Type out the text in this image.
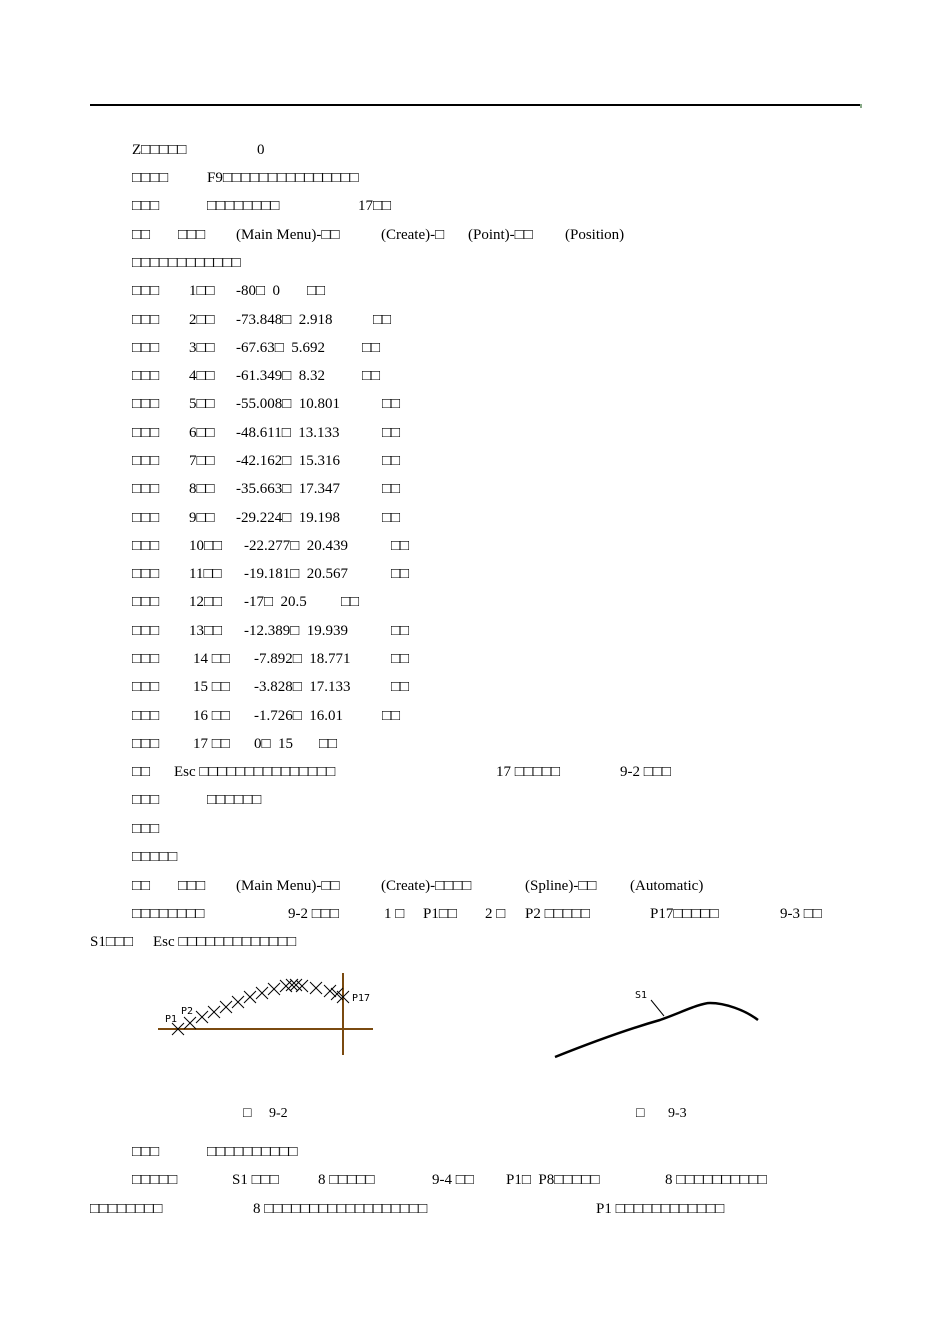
Z□□□□□	0
□□□□	F9□□□□□□□□□□□□□□□
□□□	□□□□□□□□	17□□
□□ □□□ (Main Menu)-□□	(Create)-□ (Point)-□□ (Position)
□□□□□□□□□□□□
□□□ 1□□ -80□  0 □□
□□□ 2□□ -73.848□  2.918	□□
□□□ 3□□ -67.63□  5.692 □□
□□□ 4□□ -61.349□  8.32 □□
□□□ 5□□ -55.008□  10.801	□□
□□□ 6□□ -48.611□  13.133	□□
□□□ 7□□ -42.162□  15.316	□□
□□□ 8□□ -35.663□  17.347	□□
□□□ 9□□ -29.224□  19.198	□□
□□□ 10□□ -22.277□  20.439	□□
□□□ 11□□ -19.181□  20.567	□□
□□□ 12□□ -17□  20.5 □□
□□□ 13□□ -12.389□  19.939	□□
□□□ 14 □□ -7.892□  18.771	□□
□□□ 15 □□ -3.828□  17.133	□□
□□□ 16 □□ -1.726□  16.01	□□
□□□ 17 □□ 0□  15 □□
□□ Esc □□□□□□□□□□□□□□□	17 □□□□□	9-2 □□□
□□□	□□□□□□
□□□
□□□□□
□□ □□□ (Main Menu)-□□	(Create)-□□□□	(Spline)-□□ (Automatic)
□□□□□□□□	9-2 □□□	1 □ P1□□ 2 □ P2 □□□□□	P17□□□□□	9-3 □□
S1□□□ Esc □□□□□□□□□□□□□
□□□	□□□□□□□□□□
□□□□□	S1 □□□	8 □□□□□	9-4 □□ P1□  P8□□□□□	8 □□□□□□□□□□
□□□□□□□□	8 □□□□□□□□□□□□□□□□□□	P1 □□□□□□□□□□□□
P1
P2
P17
□ 9-2
S1
□ 9-3
